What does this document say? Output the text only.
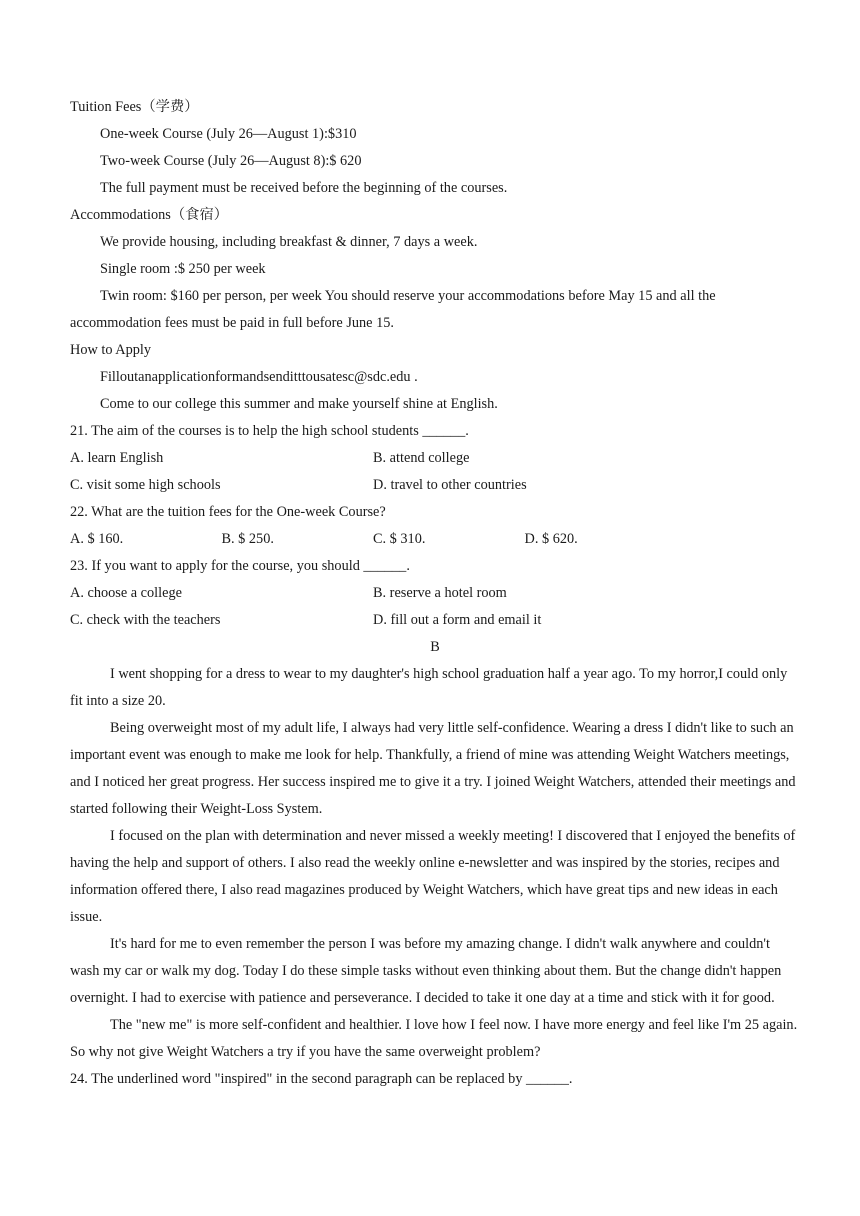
Tuition Fees（学费）
One-week Course (July 26—August 1):$310
Two-week Course (July 26—August 8):$ 620
The full payment must be received before the beginning of the courses.
Accommodations（食宿）
We provide housing, including breakfast & dinner, 7 days a week.
Single room :$ 250 per week
Twin room: $160 per person, per week You should reserve your accommodations before May 15 and all the accommodation fees must be paid in full before June 15.
How to Apply
Filloutanapplicationformandsenditttousatesc@sdc.edu .
Come to our college this summer and make yourself shine at English.
21. The aim of the courses is to help the high school students ______.
A. learn English	B. attend college
C. visit some high schools	D. travel to other countries
22. What are the tuition fees for the One-week Course?
A. $ 160.	B. $ 250.	C. $ 310.	D. $ 620.
23. If you want to apply for the course, you should ______.
A. choose a college	B. reserve a hotel room
C. check with the teachers	D. fill out a form and email it
B
I went shopping for a dress to wear to my daughter's high school graduation half a year ago. To my horror,I could only fit into a size 20.
Being overweight most of my adult life, I always had very little self-confidence. Wearing a dress I didn't like to such an important event was enough to make me look for help. Thankfully, a friend of mine was attending Weight Watchers meetings, and I noticed her great progress. Her success inspired me to give it a try. I joined Weight Watchers, attended their meetings and started following their Weight-Loss System.
I focused on the plan with determination and never missed a weekly meeting! I discovered that I enjoyed the benefits of having the help and support of others. I also read the weekly online e-newsletter and was inspired by the stories, recipes and information offered there, I also read magazines produced by Weight Watchers, which have great tips and new ideas in each issue.
It's hard for me to even remember the person I was before my amazing change. I didn't walk anywhere and couldn't wash my car or walk my dog. Today I do these simple tasks without even thinking about them. But the change didn't happen overnight. I had to exercise with patience and perseverance. I decided to take it one day at a time and stick with it for good.
The "new me" is more self-confident and healthier. I love how I feel now. I have more energy and feel like I'm 25 again. So why not give Weight Watchers a try if you have the same overweight problem?
24. The underlined word "inspired" in the second paragraph can be replaced by ______.
